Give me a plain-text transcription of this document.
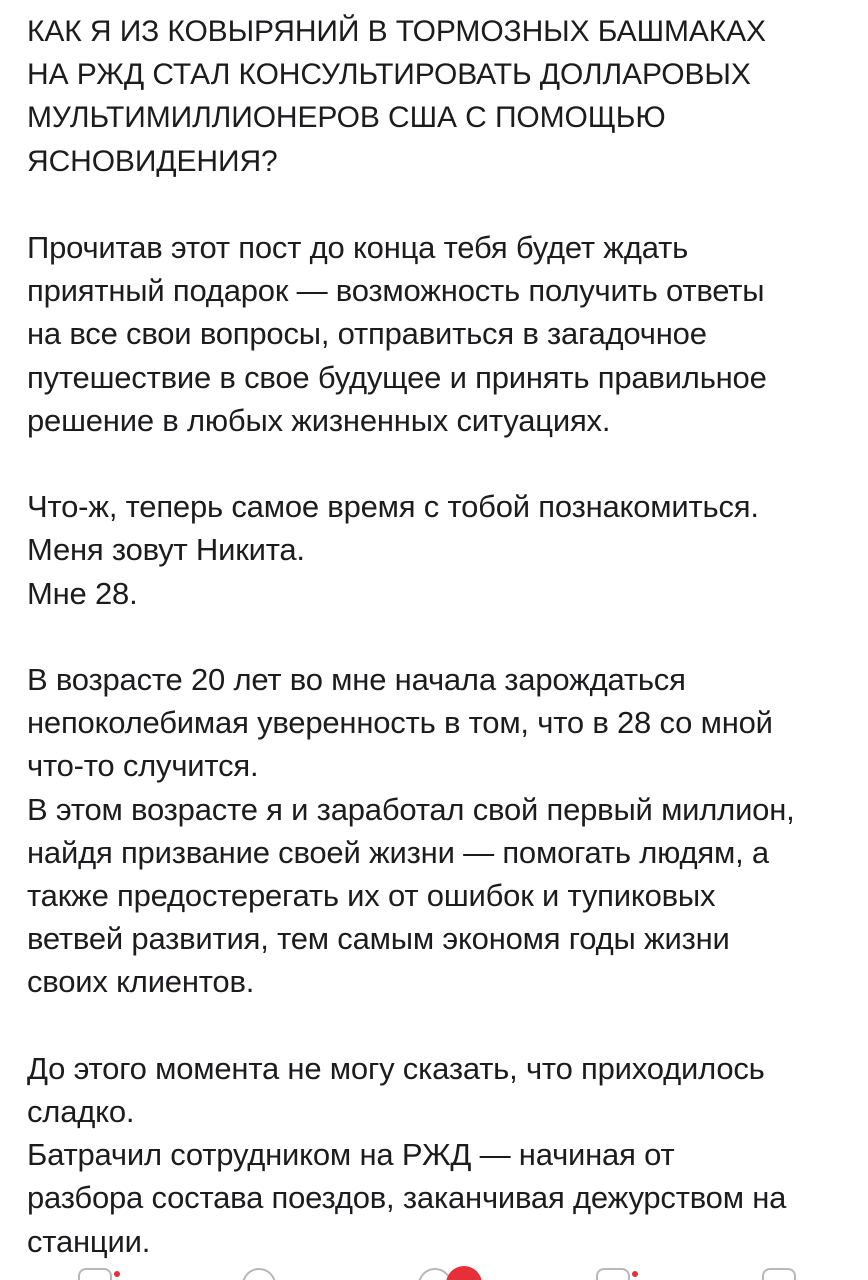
КАК Я ИЗ КОВЫРЯНИЙ В ТОРМОЗНЫХ БАШМАКАХ
НА РЖД СТАЛ КОНСУЛЬТИРОВАТЬ ДОЛЛАРОВЫХ
МУЛЬТИМИЛЛИОНЕРОВ США С ПОМОЩЬЮ
ЯСНОВИДЕНИЯ?
Прочитав этот пост до конца тебя будет ждать
приятный подарок — возможность получить ответы
на все свои вопросы, отправиться в загадочное
путешествие в свое будущее и принять правильное
решение в любых жизненных ситуациях.
Что-ж, теперь самое время с тобой познакомиться.
Меня зовут Никита.
Мне 28.
В возрасте 20 лет во мне начала зарождаться
непоколебимая уверенность в том, что в 28 со мной
что-то случится.
В этом возрасте я и заработал свой первый миллион,
найдя призвание своей жизни — помогать людям, а
также предостерегать их от ошибок и тупиковых
ветвей развития, тем самым экономя годы жизни
своих клиентов.
До этого момента не могу сказать, что приходилось
сладко.
Батрачил сотрудником на РЖД — начиная от
разбора состава поездов, заканчивая дежурством на
станции.
